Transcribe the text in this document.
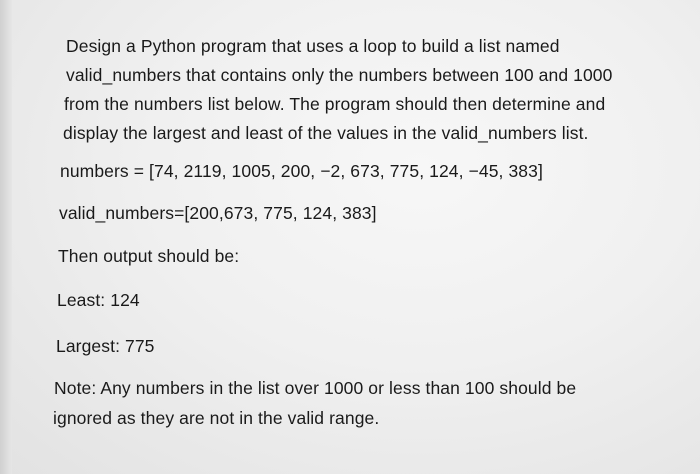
Design a Python program that uses a loop to build a list named
valid_numbers that contains only the numbers between 100 and 1000
from the numbers list below. The program should then determine and
display the largest and least of the values in the valid_numbers list.
numbers = [74, 2119, 1005, 200, −2, 673, 775, 124, −45, 383]
valid_numbers=[200,673, 775, 124, 383]
Then output should be:
Least: 124
Largest: 775
Note: Any numbers in the list over 1000 or less than 100 should be
ignored as they are not in the valid range.
